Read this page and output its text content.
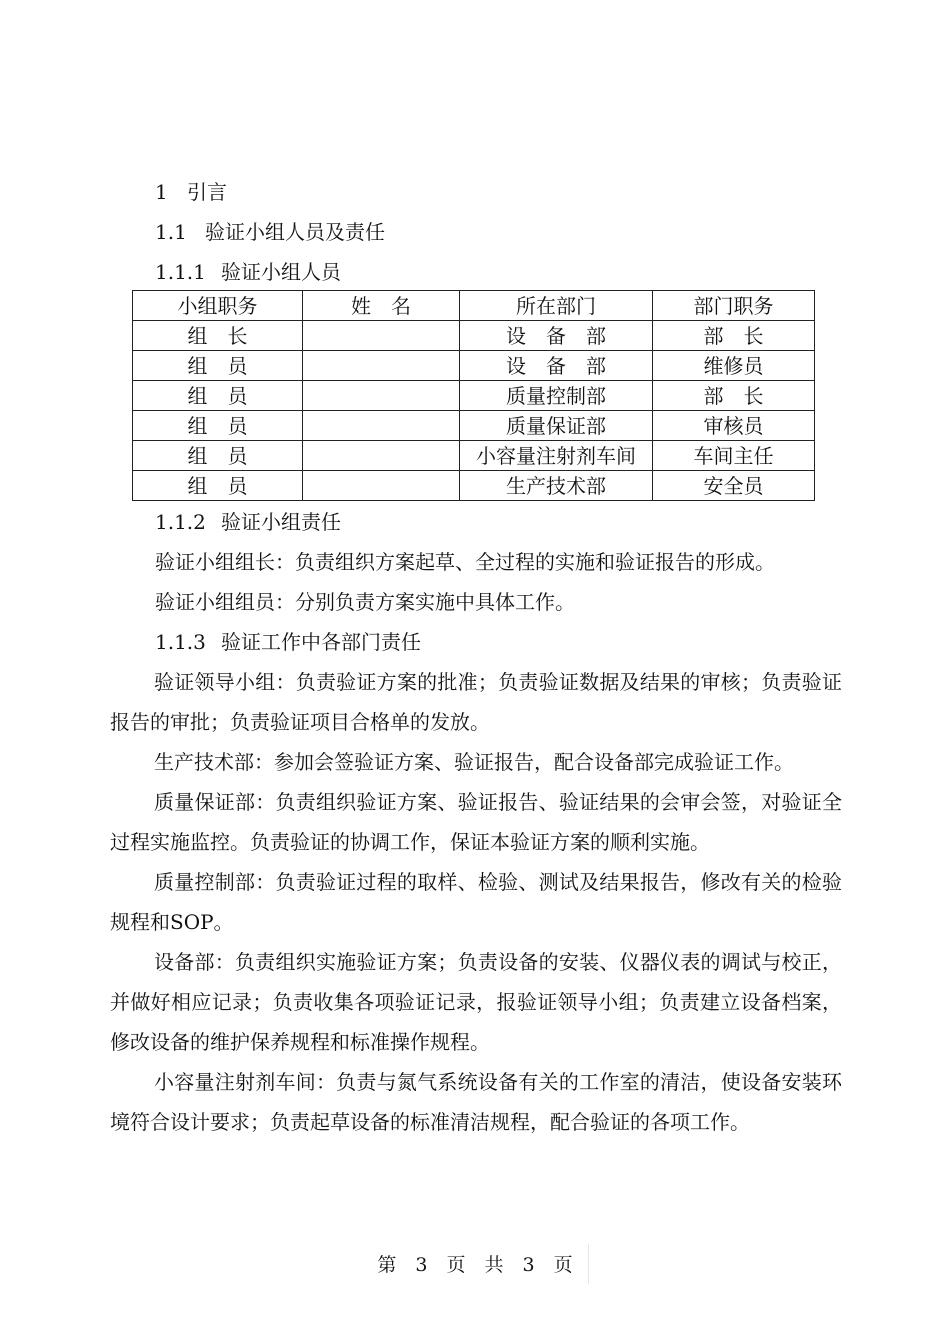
1 引言
1.1 验证小组人员及责任
1.1.1 验证小组人员
小组职务	姓　名	所在部门	部门职务
组　长		设　备　部	部　长
组　员		设　备　部	维修员
组　员		质量控制部	部　长
组　员		质量保证部	审核员
组　员		小容量注射剂车间	车间主任
组　员		生产技术部	安全员
1.1.2 验证小组责任
验证小组组长：负责组织方案起草、全过程的实施和验证报告的形成。
验证小组组员：分别负责方案实施中具体工作。
1.1.3 验证工作中各部门责任
验证领导小组：负责验证方案的批准；负责验证数据及结果的审核；负责验证报告的审批；负责验证项目合格单的发放。
生产技术部：参加会签验证方案、验证报告，配合设备部完成验证工作。
质量保证部：负责组织验证方案、验证报告、验证结果的会审会签，对验证全过程实施监控。负责验证的协调工作，保证本验证方案的顺利实施。
质量控制部：负责验证过程的取样、检验、测试及结果报告，修改有关的检验规程和SOP。
设备部：负责组织实施验证方案；负责设备的安装、仪器仪表的调试与校正，并做好相应记录；负责收集各项验证记录，报验证领导小组；负责建立设备档案，修改设备的维护保养规程和标准操作规程。
小容量注射剂车间：负责与氮气系统设备有关的工作室的清洁，使设备安装环境符合设计要求；负责起草设备的标准清洁规程，配合验证的各项工作。
第　3　页　共　3　页
